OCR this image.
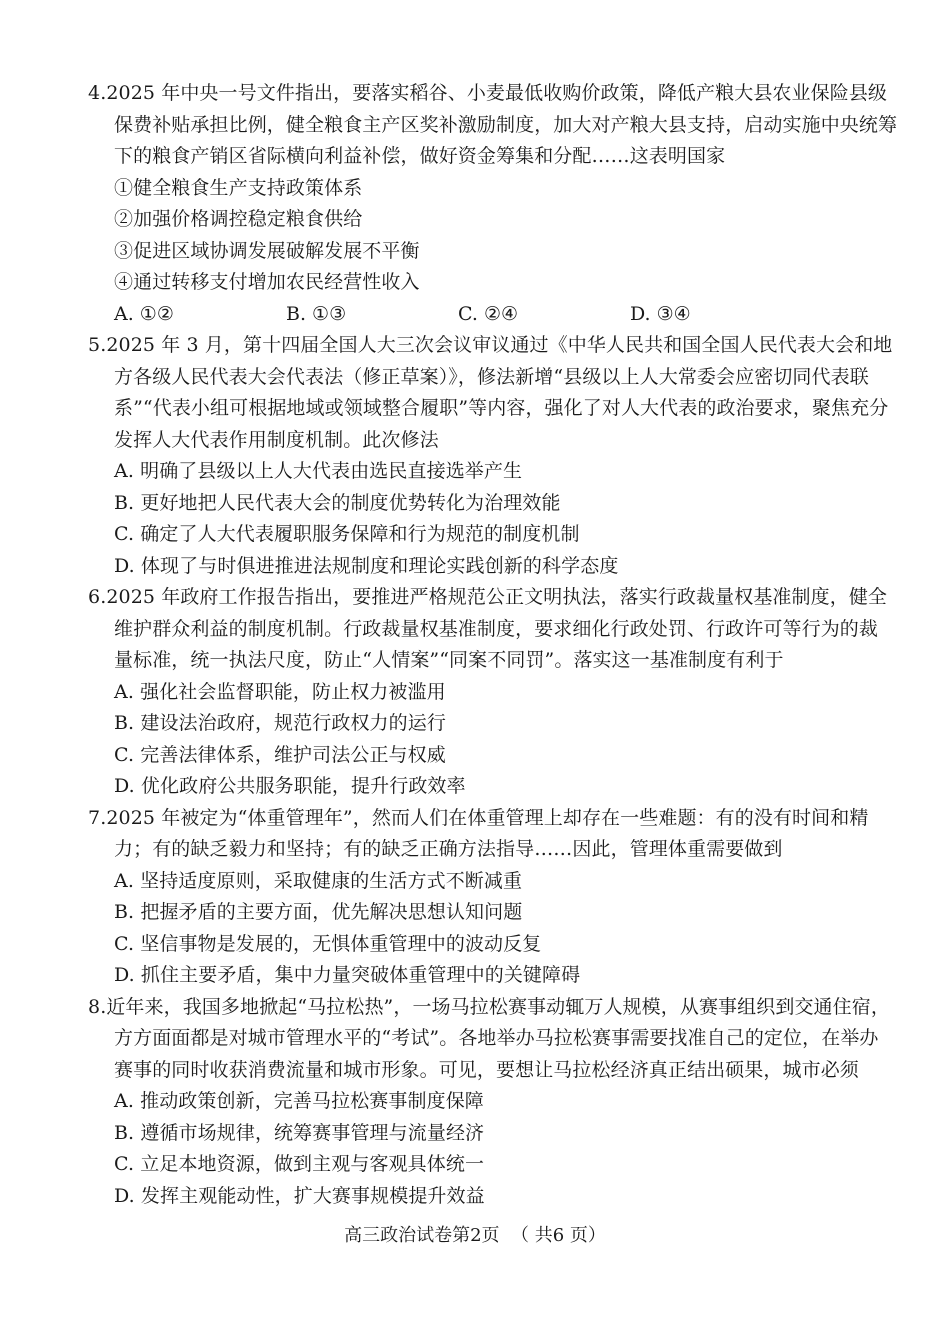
4.2025 年中央一号文件指出，要落实稻谷、小麦最低收购价政策，降低产粮大县农业保险县级
保费补贴承担比例，健全粮食主产区奖补激励制度，加大对产粮大县支持，启动实施中央统筹
下的粮食产销区省际横向利益补偿，做好资金筹集和分配……这表明国家
①健全粮食生产支持政策体系
②加强价格调控稳定粮食供给
③促进区域协调发展破解发展不平衡
④通过转移支付增加农民经营性收入
A. ①②	B. ①③	C. ②④	D. ③④
5.2025 年 3 月，第十四届全国人大三次会议审议通过《中华人民共和国全国人民代表大会和地
方各级人民代表大会代表法（修正草案）》，修法新增“县级以上人大常委会应密切同代表联
系”“代表小组可根据地域或领域整合履职”等内容，强化了对人大代表的政治要求，聚焦充分
发挥人大代表作用制度机制。此次修法
A. 明确了县级以上人大代表由选民直接选举产生
B. 更好地把人民代表大会的制度优势转化为治理效能
C. 确定了人大代表履职服务保障和行为规范的制度机制
D. 体现了与时俱进推进法规制度和理论实践创新的科学态度
6.2025 年政府工作报告指出，要推进严格规范公正文明执法，落实行政裁量权基准制度，健全
维护群众利益的制度机制。行政裁量权基准制度，要求细化行政处罚、行政许可等行为的裁
量标准，统一执法尺度，防止“人情案”“同案不同罚”。落实这一基准制度有利于
A. 强化社会监督职能，防止权力被滥用
B. 建设法治政府，规范行政权力的运行
C. 完善法律体系，维护司法公正与权威
D. 优化政府公共服务职能，提升行政效率
7.2025 年被定为“体重管理年”，然而人们在体重管理上却存在一些难题：有的没有时间和精
力；有的缺乏毅力和坚持；有的缺乏正确方法指导……因此，管理体重需要做到
A. 坚持适度原则，采取健康的生活方式不断减重
B. 把握矛盾的主要方面，优先解决思想认知问题
C. 坚信事物是发展的，无惧体重管理中的波动反复
D. 抓住主要矛盾，集中力量突破体重管理中的关键障碍
8.近年来，我国多地掀起“马拉松热”，一场马拉松赛事动辄万人规模，从赛事组织到交通住宿，
方方面面都是对城市管理水平的“考试”。各地举办马拉松赛事需要找准自己的定位，在举办
赛事的同时收获消费流量和城市形象。可见，要想让马拉松经济真正结出硕果，城市必须
A. 推动政策创新，完善马拉松赛事制度保障
B. 遵循市场规律，统筹赛事管理与流量经济
C. 立足本地资源，做到主观与客观具体统一
D. 发挥主观能动性，扩大赛事规模提升效益
高三政治试卷第2页  （ 共6 页）
